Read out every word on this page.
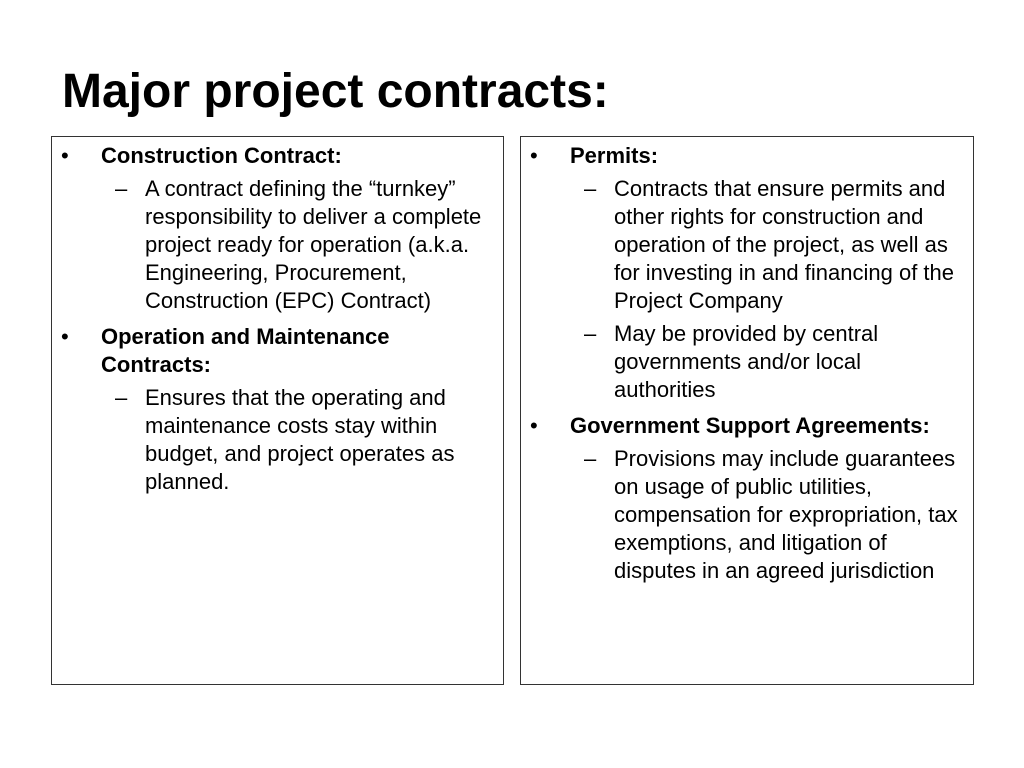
Major project contracts:
• Construction Contract:
– A contract defining the “turnkey” responsibility to deliver a complete project ready for operation (a.k.a. Engineering, Procurement, Construction (EPC) Contract)
• Operation and Maintenance Contracts:
– Ensures that the operating and maintenance costs stay within budget, and project operates as planned.
• Permits:
– Contracts that ensure permits and other rights for construction and operation of the project, as well as for investing in and financing of the Project Company
– May be provided by central governments and/or local authorities
• Government Support Agreements:
– Provisions may include guarantees on usage of public utilities, compensation for expropriation, tax exemptions, and litigation of disputes in an agreed jurisdiction
